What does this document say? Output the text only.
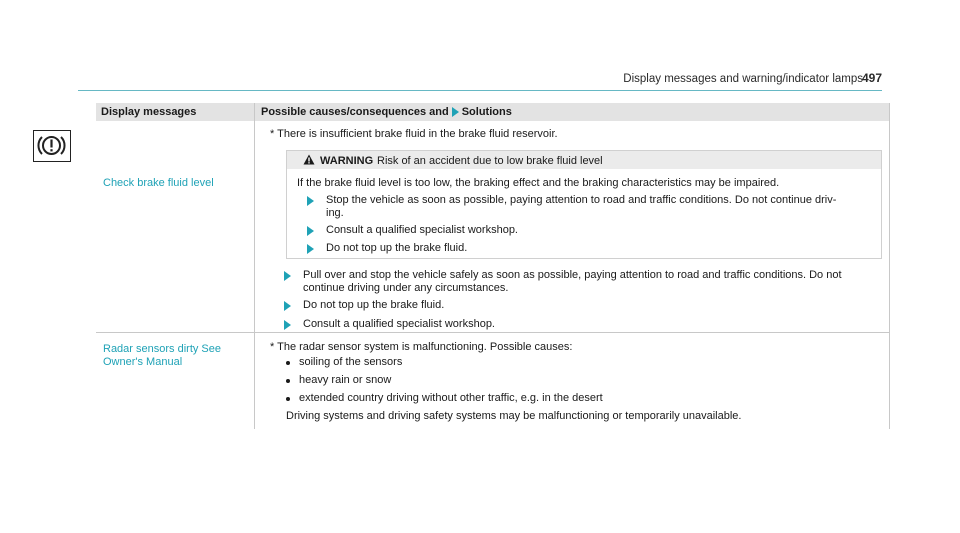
Display messages and warning/indicator lamps
497
Display messages	Possible causes/consequences and Solutions
Check brake fluid level
* There is insufficient brake fluid in the brake fluid reservoir.
WARNING Risk of an accident due to low brake fluid level
If the brake fluid level is too low, the braking effect and the braking characteristics may be impaired.
Stop the vehicle as soon as possible, paying attention to road and traffic conditions. Do not continue driv-
ing.
Consult a qualified specialist workshop.
Do not top up the brake fluid.
Pull over and stop the vehicle safely as soon as possible, paying attention to road and traffic conditions. Do not
continue driving under any circumstances.
Do not top up the brake fluid.
Consult a qualified specialist workshop.
Radar sensors dirty See
Owner's Manual
* The radar sensor system is malfunctioning. Possible causes:
soiling of the sensors
heavy rain or snow
extended country driving without other traffic, e.g. in the desert
Driving systems and driving safety systems may be malfunctioning or temporarily unavailable.
